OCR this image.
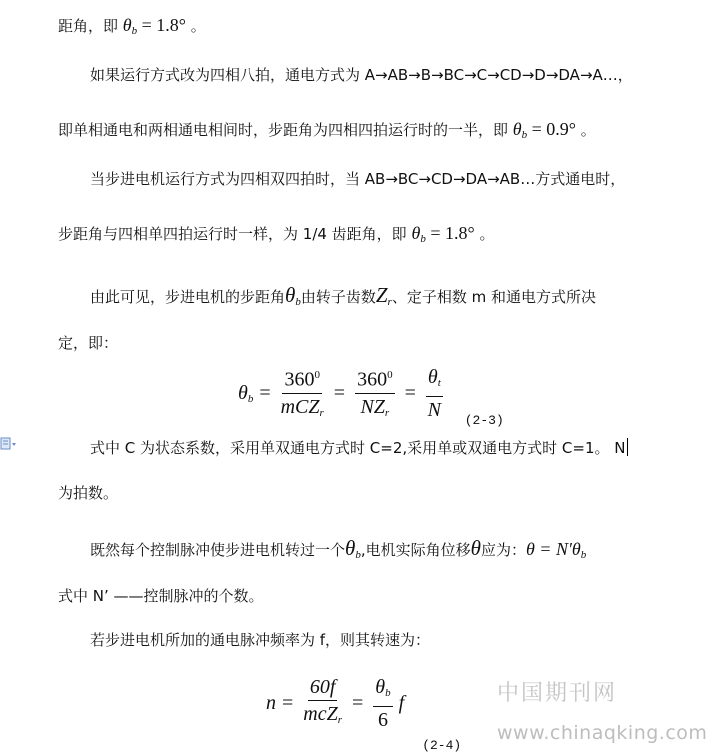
距角，即 $\theta_b = 1.8^\circ$ 。
如果运行方式改为四相八拍，通电方式为 A→AB→B→BC→C→CD→D→DA→A…，
即单相通电和两相通电相间时，步距角为四相四拍运行时的一半，即 $\theta_b = 0.9^\circ$ 。
当步进电机运行方式为四相双四拍时，当 AB→BC→CD→DA→AB…方式通电时，
步距角与四相单四拍运行时一样，为 1/4 齿距角，即 $\theta_b = 1.8^\circ$ 。
由此可见，步进电机的步距角$\theta_b$由转子齿数$Z_r$、定子相数 m 和通电方式所决
定，即：
$\theta_b = \frac{360^0}{mCZ_r} = \frac{360^0}{NZ_r} = \frac{\theta_t}{N} (2-3)$
式中 C 为状态系数，采用单双通电方式时 C=2,采用单或双通电方式时 C=1。 N
为拍数。
既然每个控制脉冲使步进电机转过一个$\theta_b$,电机实际角位移θ应为：$\theta = N'\theta_b$
式中 N’ ——控制脉冲的个数。
若步进电机所加的通电脉冲频率为 f，则其转速为：
$n = \frac{60f}{mcZ_r} = \frac{\theta_b}{6}$ f
(2-4)
中国期刊网
www.chinaqking.com
